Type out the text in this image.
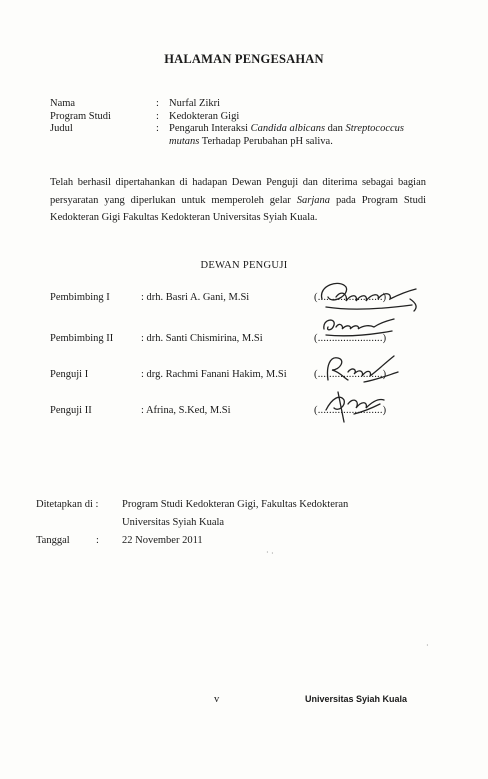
HALAMAN PENGESAHAN
Nama	: Nurfal Zikri
Program Studi	: Kedokteran Gigi
Judul	: Pengaruh Interaksi Candida albicans dan Streptococcus
mutans Terhadap Perubahan pH saliva.
Telah berhasil dipertahankan di hadapan Dewan Penguji dan diterima sebagai bagian persyaratan yang diperlukan untuk memperoleh gelar Sarjana pada Program Studi Kedokteran Gigi Fakultas Kedokteran Universitas Syiah Kuala.
DEWAN PENGUJI
Pembimbing I	: drh. Basri A. Gani, M.Si	(.......................)
Pembimbing II	: drh. Santi Chismirina, M.Si	(.......................)
Penguji I	: drg. Rachmi Fanani Hakim, M.Si	(.......................)
Penguji II	: Afrina, S.Ked, M.Si	(.......................)
Ditetapkan di : Program Studi Kedokteran Gigi, Fakultas Kedokteran
Universitas Syiah Kuala
Tanggal	: 22 November 2011
· ·
·
v	Universitas Syiah Kuala
